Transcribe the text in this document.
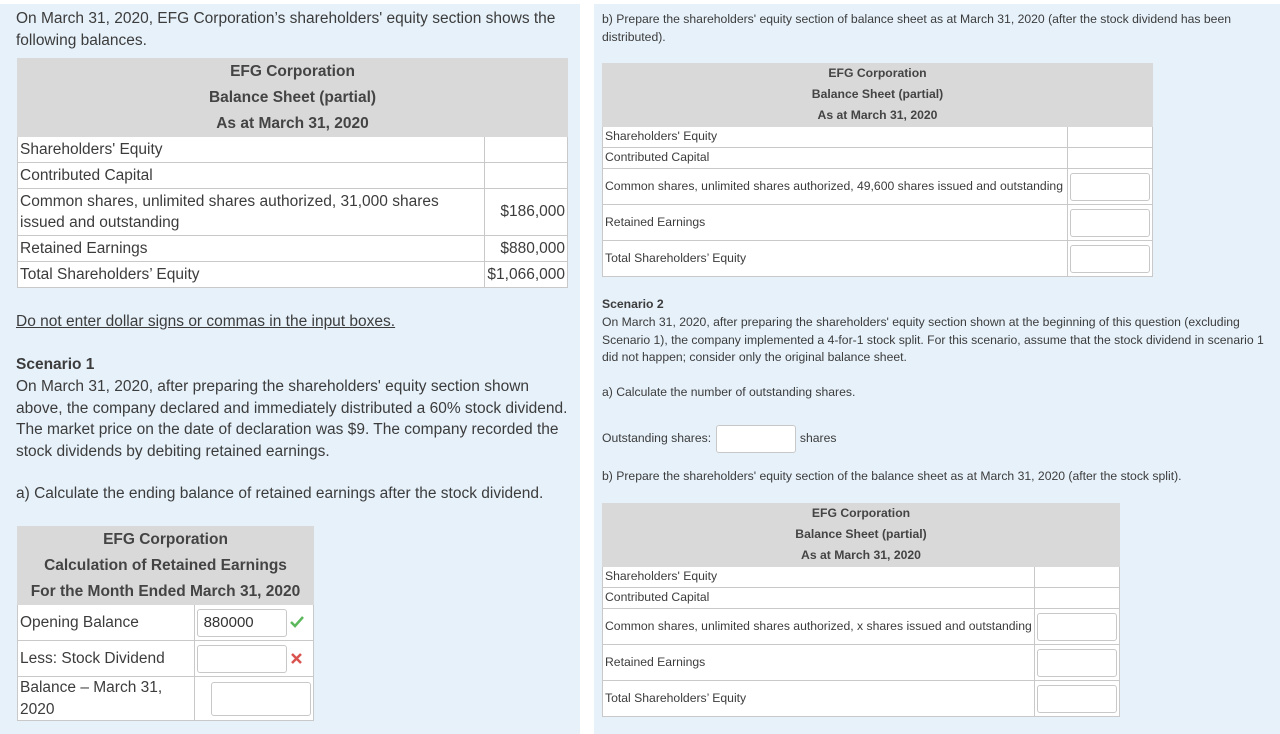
On March 31, 2020, EFG Corporation’s shareholders' equity section shows the following balances.
EFG Corporation	
Balance Sheet (partial)	
As at March 31, 2020	
Shareholders' Equity	
Contributed Capital	
Common shares, unlimited shares authorized, 31,000 shares issued and outstanding	$186,000
Retained Earnings	$880,000
Total Shareholders’ Equity	$1,066,000
Do not enter dollar signs or commas in the input boxes.
Scenario 1
On March 31, 2020, after preparing the shareholders' equity section shown above, the company declared and immediately distributed a 60% stock dividend. The market price on the date of declaration was $9. The company recorded the stock dividends by debiting retained earnings.
a) Calculate the ending balance of retained earnings after the stock dividend.
EFG Corporation	
Calculation of Retained Earnings	
For the Month Ended March 31, 2020	
Opening Balance	880000

Less: Stock Dividend	

Balance – March 31, 2020	
b) Prepare the shareholders' equity section of balance sheet as at March 31, 2020 (after the stock dividend has been distributed).
EFG Corporation	
Balance Sheet (partial)	
As at March 31, 2020	
Shareholders' Equity	
Contributed Capital	
Common shares, unlimited shares authorized, 49,600 shares issued and outstanding	
Retained Earnings	
Total Shareholders’ Equity	
Scenario 2
On March 31, 2020, after preparing the shareholders' equity section shown at the beginning of this question (excluding Scenario 1), the company implemented a 4-for-1 stock split. For this scenario, assume that the stock dividend in scenario 1 did not happen; consider only the original balance sheet.
a) Calculate the number of outstanding shares.
Outstanding shares:	shares
b) Prepare the shareholders' equity section of the balance sheet as at March 31, 2020 (after the stock split).
EFG Corporation	
Balance Sheet (partial)	
As at March 31, 2020	
Shareholders' Equity	
Contributed Capital	
Common shares, unlimited shares authorized, x shares issued and outstanding	
Retained Earnings	
Total Shareholders’ Equity	
